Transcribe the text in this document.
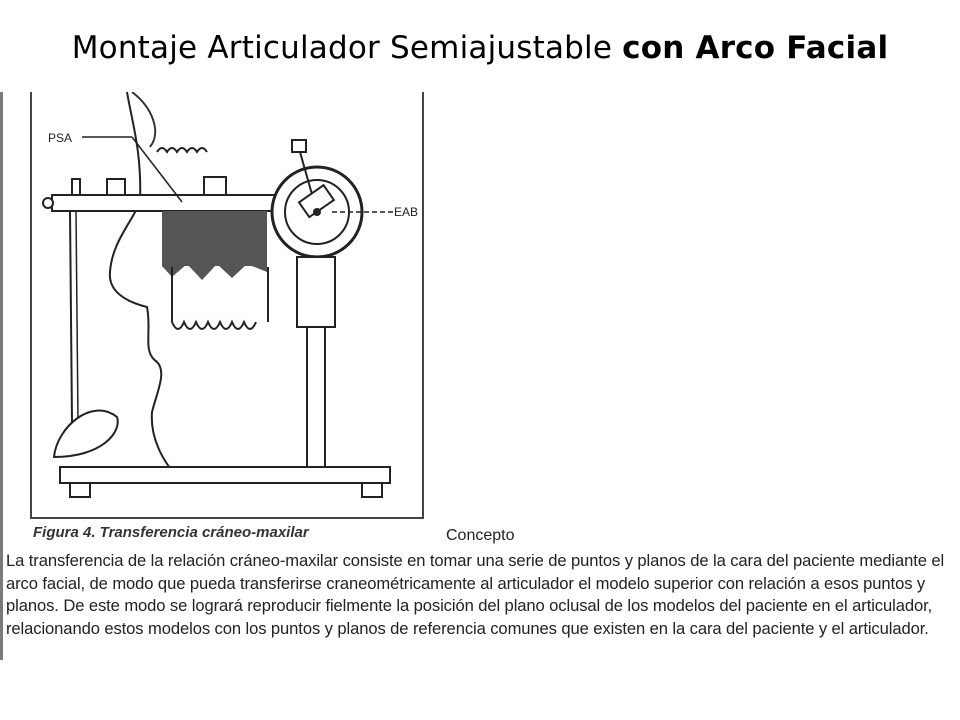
Montaje Articulador Semiajustable con Arco Facial
PSA
EAB
Figura 4. Transferencia cráneo-maxilar	Concepto
La transferencia de la relación cráneo-maxilar consiste en tomar una serie de puntos y planos de la cara del paciente mediante el arco facial, de modo que pueda transferirse craneométricamente al articulador el modelo superior con relación a esos puntos y planos. De este modo se logrará reproducir fielmente la posición del plano oclusal de los modelos del paciente en el articulador, relacionando estos modelos con los puntos y planos de referencia comunes que existen en la cara del paciente y el articulador.
